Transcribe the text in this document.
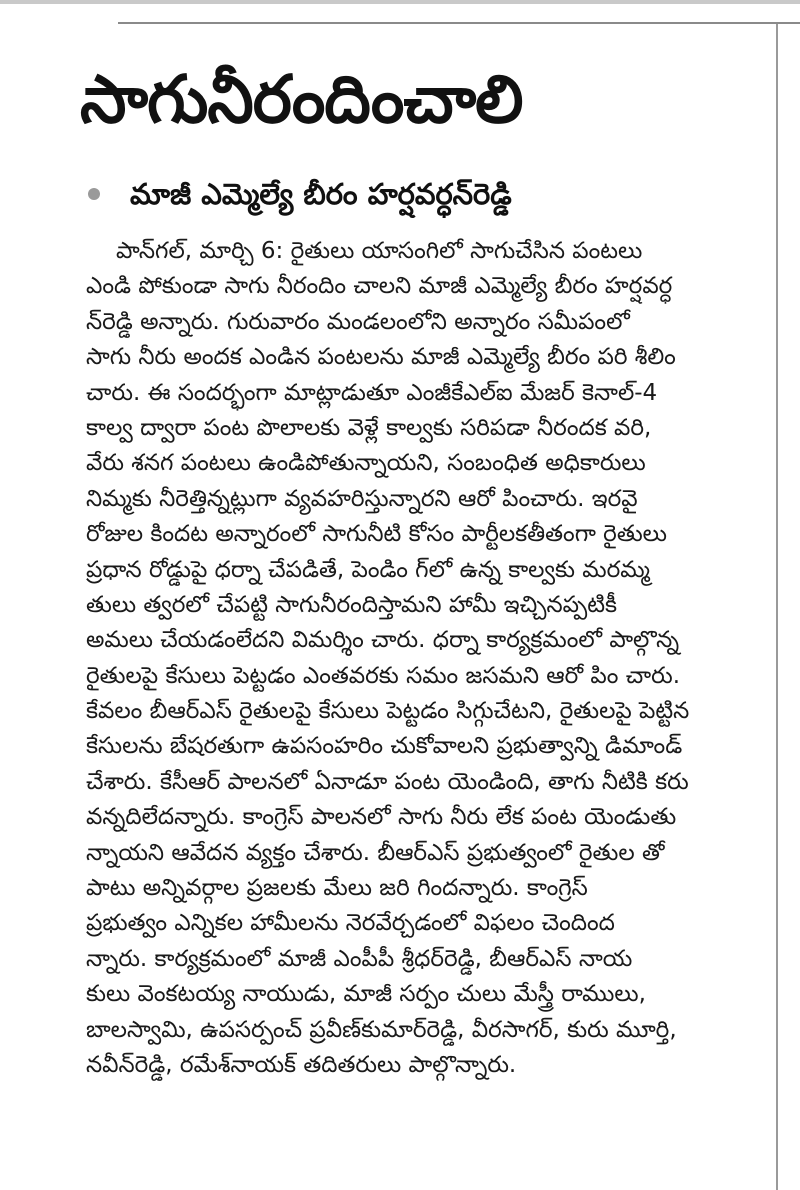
సాగునీరందించాలి
మాజీ ఎమ్మెల్యే బీరం హర్షవర్ధన్‌రెడ్డి
పాన్‌గల్, మార్చి 6: రైతులు యాసంగిలో సాగుచేసిన పంటలు
ఎండి పోకుండా సాగు నీరందిం చాలని మాజీ ఎమ్మెల్యే బీరం హర్షవర్ధ
న్‌రెడ్డి అన్నారు. గురువారం మండలంలోని అన్నారం సమీపంలో
సాగు నీరు అందక ఎండిన పంటలను మాజీ ఎమ్మెల్యే బీరం పరి శీలిం
చారు. ఈ సందర్భంగా మాట్లాడుతూ ఎంజీకేఎల్ఐ మేజర్ కెనాల్-4
కాల్వ ద్వారా పంట పొలాలకు వెళ్లే కాల్వకు సరిపడా నీరందక వరి,
వేరు శనగ పంటలు ఉండిపోతున్నాయని, సంబంధిత అధికారులు
నిమ్మకు నీరెత్తిన్నట్లుగా వ్యవహరిస్తున్నారని ఆరో పించారు. ఇరవై
రోజుల కిందట అన్నారంలో సాగునీటి కోసం పార్టీలకతీతంగా రైతులు
ప్రధాన రోడ్డుపై ధర్నా చేపడితే, పెండిం గ్‌లో ఉన్న కాల్వకు మరమ్మ
తులు త్వరలో చేపట్టి సాగునీరందిస్తామని హామీ ఇచ్చినప్పటికీ
అమలు చేయడంలేదని విమర్శిం చారు. ధర్నా కార్యక్రమంలో పాల్గొన్న
రైతులపై కేసులు పెట్టడం ఎంతవరకు సమం జసమని ఆరో పిం చారు.
కేవలం బీఆర్ఎస్ రైతులపై కేసులు పెట్టడం సిగ్గుచేటని, రైతులపై పెట్టిన
కేసులను బేషరతుగా ఉపసంహరిం చుకోవాలని ప్రభుత్వాన్ని డిమాండ్
చేశారు. కేసీఆర్ పాలనలో ఏనాడూ పంట యెండింది, తాగు నీటికి కరు
వన్నదిలేదన్నారు. కాంగ్రెస్ పాలనలో సాగు నీరు లేక పంట యెండుతు
న్నాయని ఆవేదన వ్యక్తం చేశారు. బీఆర్ఎస్ ప్రభుత్వంలో రైతుల తో
పాటు అన్నివర్గాల ప్రజలకు మేలు జరి గిందన్నారు. కాంగ్రెస్
ప్రభుత్వం ఎన్నికల హామీలను నెరవేర్చడంలో విఫలం చెందింద
న్నారు. కార్యక్రమంలో మాజీ ఎంపీపీ శ్రీధర్‌రెడ్డి, బీఆర్ఎస్ నాయ
కులు వెంకటయ్య నాయుడు, మాజీ సర్పం చులు మేస్త్రీ రాములు,
బాలస్వామి, ఉపసర్పంచ్ ప్రవీణ్‌కుమార్‌రెడ్డి, వీరసాగర్, కురు మూర్తి,
నవీన్‌రెడ్డి, రమేశ్‌నాయక్ తదితరులు పాల్గొన్నారు.
